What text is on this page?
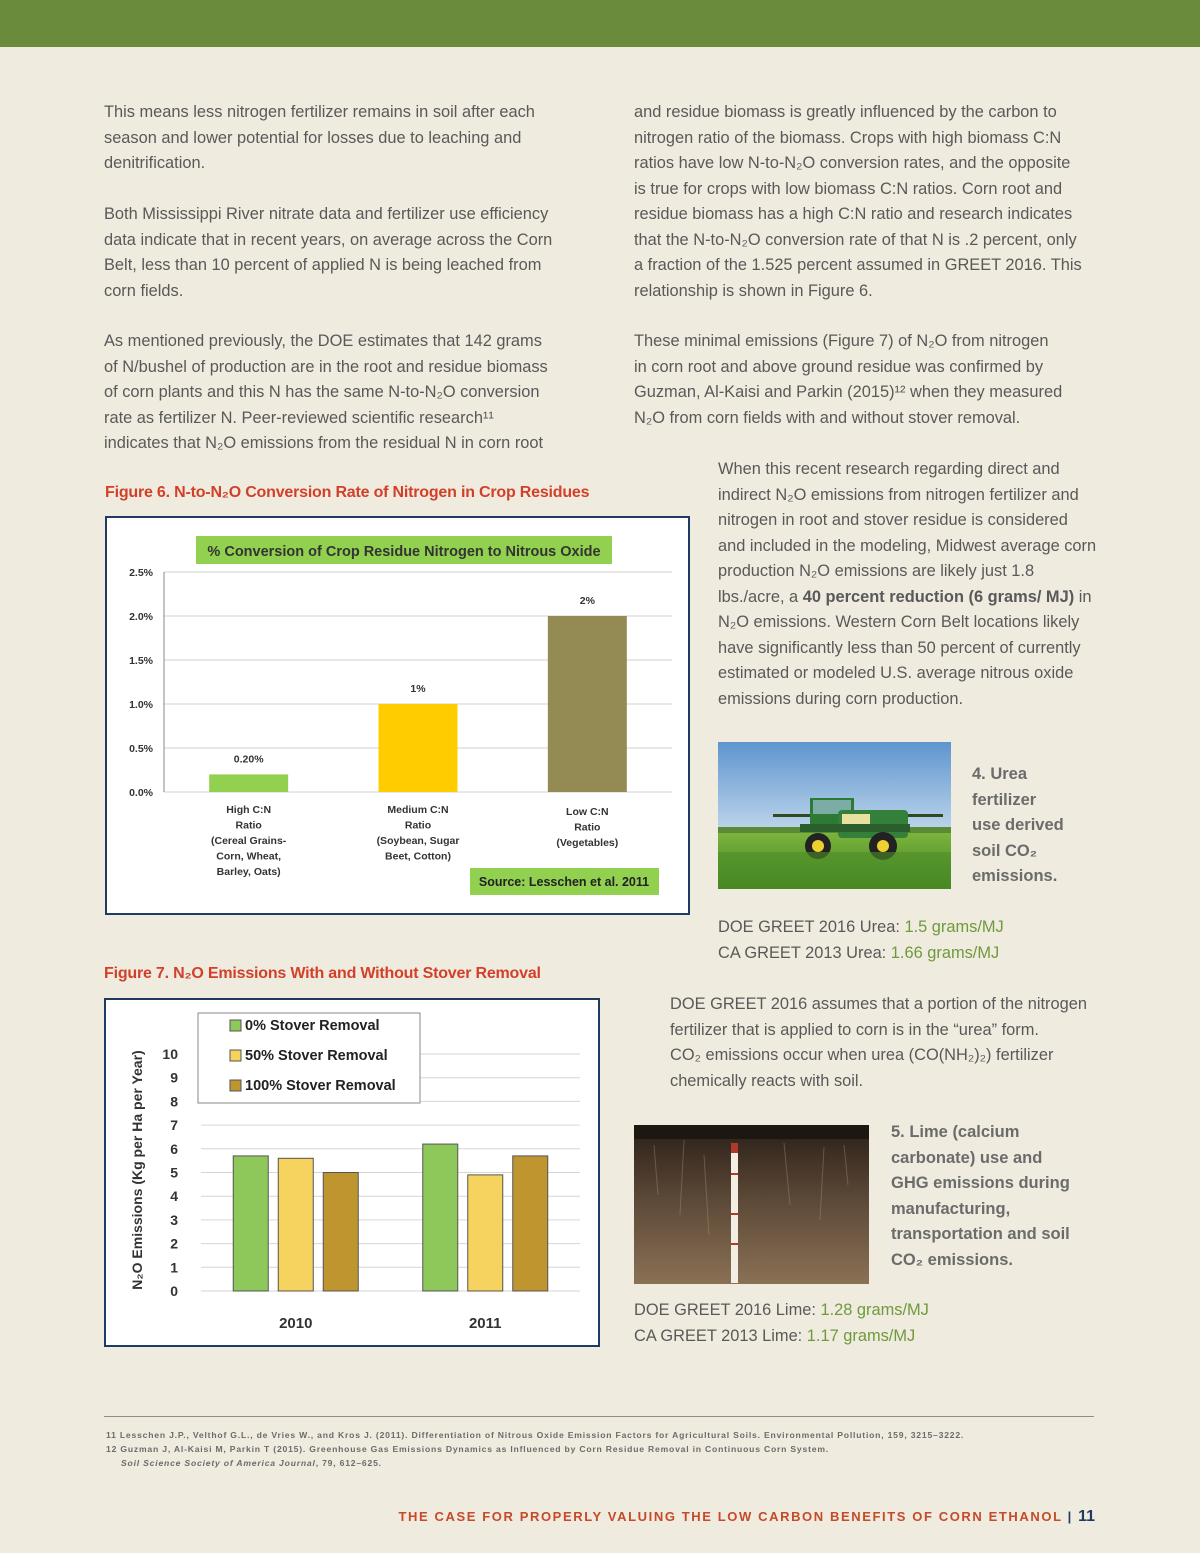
This means less nitrogen fertilizer remains in soil after each
season and lower potential for losses due to leaching and
denitrification.
Both Mississippi River nitrate data and fertilizer use efficiency
data indicate that in recent years, on average across the Corn
Belt, less than 10 percent of applied N is being leached from
corn fields.
As mentioned previously, the DOE estimates that 142 grams
of N/bushel of production are in the root and residue biomass
of corn plants and this N has the same N-to-N₂O conversion
rate as fertilizer N. Peer-reviewed scientific research¹¹
indicates that N₂O emissions from the residual N in corn root

Figure 6. N-to-N₂O Conversion Rate of Nitrogen in Crop Residues

% Conversion of Crop Residue Nitrogen to Nitrous Oxide
0.0%
0.5%
1.0%
1.5%
2.0%
2.5%
0.20%
1%
2%
High C:N Ratio (Cereal Grains-Corn, Wheat, Barley, Oats)
Medium C:N Ratio (Soybean, Sugar Beet, Cotton)
Low C:N Ratio (Vegetables)
Source: Lesschen et al. 2011

Figure 7. N₂O Emissions With and Without Stover Removal

N₂O Emissions (Kg per Ha per Year)
0
1
2
3
4
5
6
7
8
9
10
2010	2011
0% Stover Removal
50% Stover Removal
100% Stover Removal
and residue biomass is greatly influenced by the carbon to
nitrogen ratio of the biomass. Crops with high biomass C:N
ratios have low N-to-N₂O conversion rates, and the opposite
is true for crops with low biomass C:N ratios. Corn root and
residue biomass has a high C:N ratio and research indicates
that the N-to-N₂O conversion rate of that N is .2 percent, only
a fraction of the 1.525 percent assumed in GREET 2016. This
relationship is shown in Figure 6.
These minimal emissions (Figure 7) of N₂O from nitrogen
in corn root and above ground residue was confirmed by
Guzman, Al-Kaisi and Parkin (2015)¹² when they measured
N₂O from corn fields with and without stover removal.

When this recent research regarding direct and indirect N₂O emissions from nitrogen fertilizer and nitrogen in root and stover residue is considered and included in the modeling, Midwest average corn production N₂O emissions are likely just 1.8 lbs./acre, a 40 percent reduction (6 grams/ MJ) in N₂O emissions. Western Corn Belt locations likely have significantly less than 50 percent of currently estimated or modeled U.S. average nitrous oxide emissions during corn production.

4. Urea
fertilizer
use derived
soil CO₂
emissions.

DOE GREET 2016 Urea: 1.5 grams/MJ

CA GREET 2013 Urea: 1.66 grams/MJ

DOE GREET 2016 assumes that a portion of the nitrogen
fertilizer that is applied to corn is in the “urea” form.
CO₂ emissions occur when urea (CO(NH₂)₂) fertilizer
chemically reacts with soil.
5. Lime (calcium
carbonate) use and
GHG emissions during
manufacturing,
transportation and soil
CO₂ emissions.

DOE GREET 2016 Lime: 1.28 grams/MJ

CA GREET 2013 Lime: 1.17 grams/MJ

11 Lesschen J.P., Velthof G.L., de Vries W., and Kros J. (2011). Differentiation of Nitrous Oxide Emission Factors for Agricultural Soils. Environmental Pollution, 159, 3215–3222.

12 Guzman J, Al-Kaisi M, Parkin T (2015). Greenhouse Gas Emissions Dynamics as Influenced by Corn Residue Removal in Continuous Corn System.

Soil Science Society of America Journal, 79, 612–625.

THE CASE FOR PROPERLY VALUING THE LOW CARBON BENEFITS OF CORN ETHANOL | 11
